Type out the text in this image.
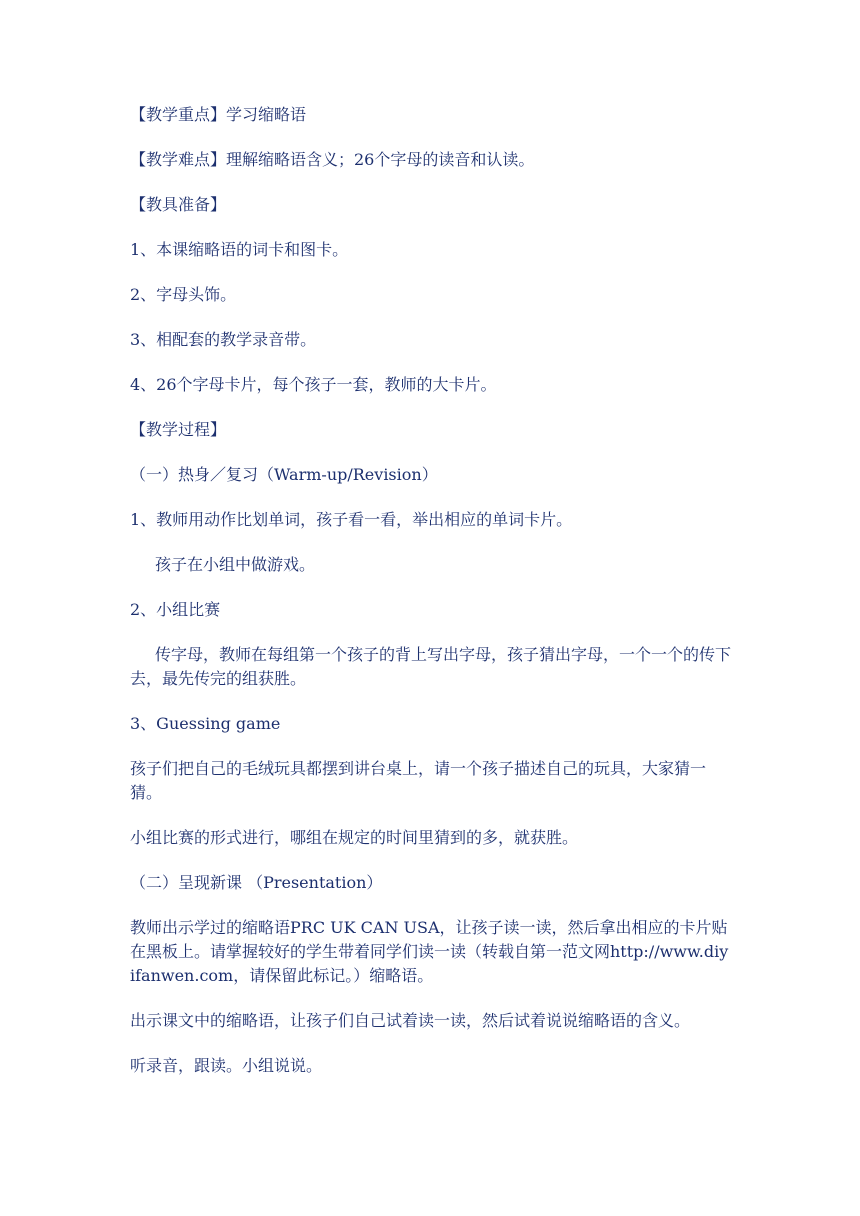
【教学重点】学习缩略语

【教学难点】理解缩略语含义；26个字母的读音和认读。

【教具准备】

1、本课缩略语的词卡和图卡。

2、字母头饰。

3、相配套的教学录音带。

4、26个字母卡片，每个孩子一套，教师的大卡片。

【教学过程】

（一）热身／复习（Warm-up/Revision）

1、教师用动作比划单词，孩子看一看，举出相应的单词卡片。

孩子在小组中做游戏。

2、小组比赛

传字母，教师在每组第一个孩子的背上写出字母，孩子猜出字母，一个一个的传下去，最先传完的组获胜。

3、Guessing game

孩子们把自己的毛绒玩具都摆到讲台桌上，请一个孩子描述自己的玩具，大家猜一猜。

小组比赛的形式进行，哪组在规定的时间里猜到的多，就获胜。

（二）呈现新课 （Presentation）

教师出示学过的缩略语PRC UK CAN USA，让孩子读一读，然后拿出相应的卡片贴在黑板上。请掌握较好的学生带着同学们读一读（转载自第一范文网http://www.diyifanwen.com，请保留此标记。）缩略语。

出示课文中的缩略语，让孩子们自己试着读一读，然后试着说说缩略语的含义。

听录音，跟读。小组说说。
